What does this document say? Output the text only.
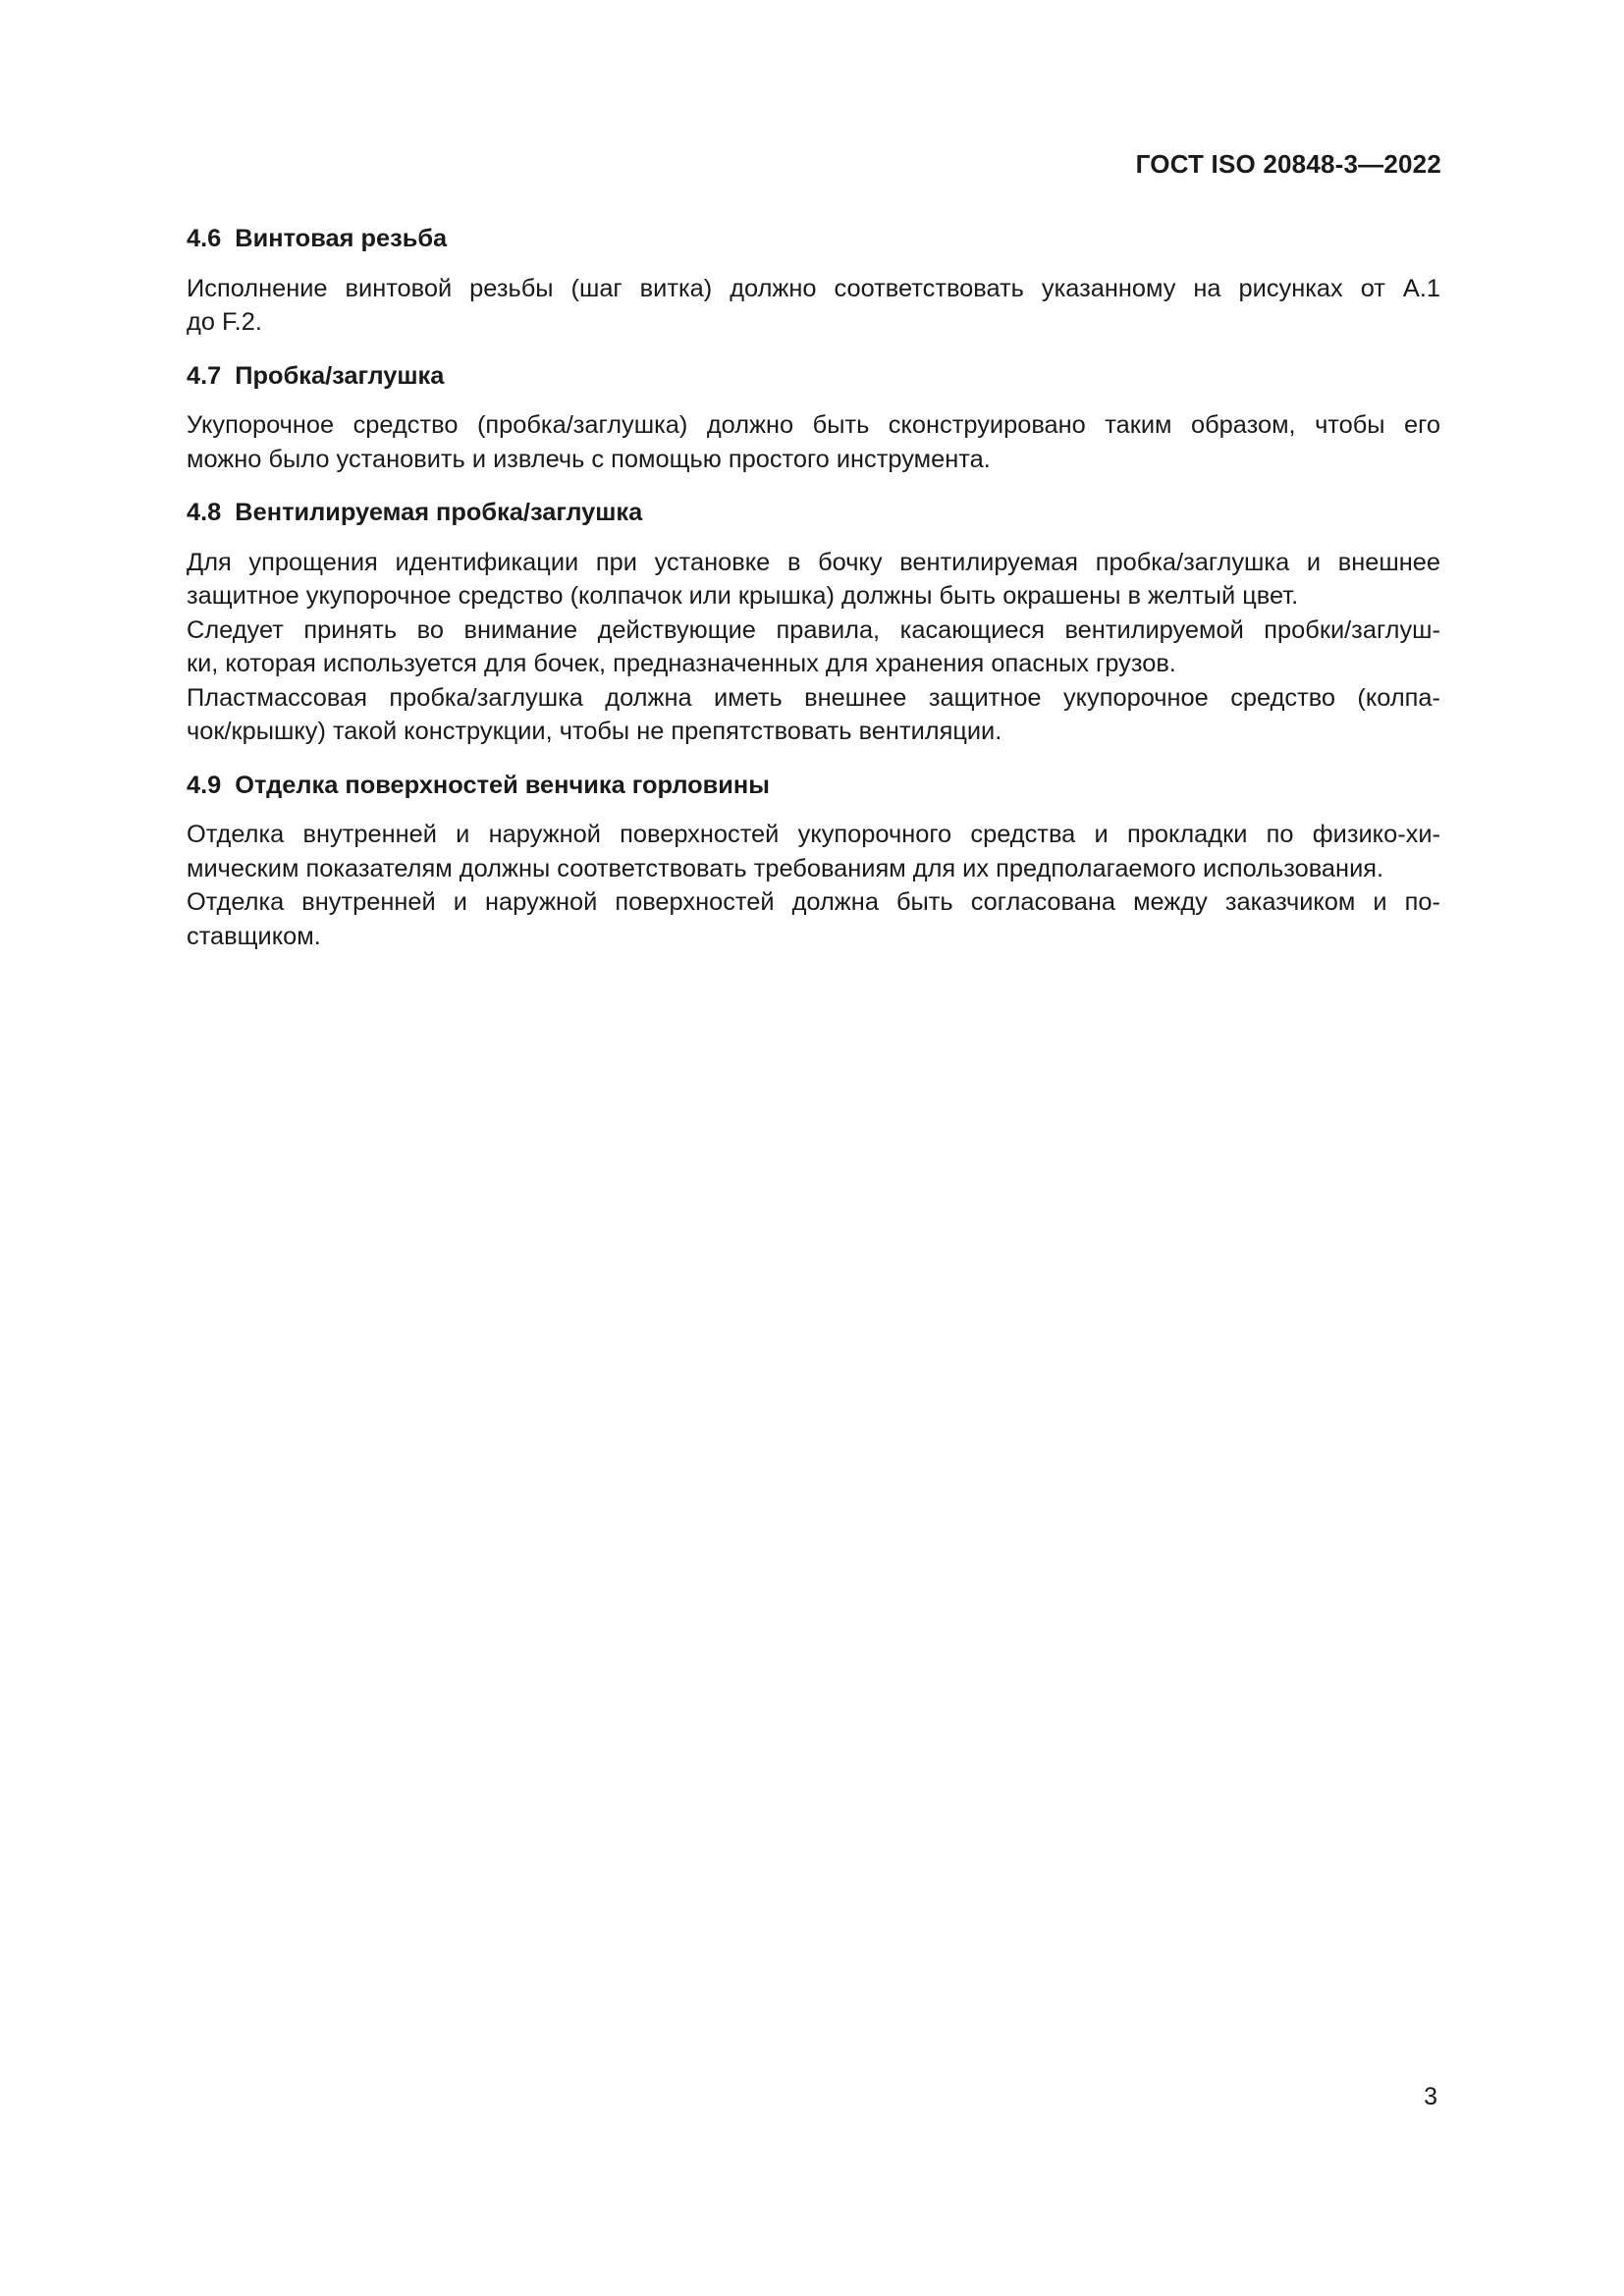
ГОСТ ISO 20848-3—2022
4.6 Винтовая резьба

Исполнение винтовой резьбы (шаг витка) должно соответствовать указанному на рисунках от А.1
до F.2.

4.7 Пробка/заглушка

Укупорочное средство (пробка/заглушка) должно быть сконструировано таким образом, чтобы его
можно было установить и извлечь с помощью простого инструмента.

4.8 Вентилируемая пробка/заглушка

Для упрощения идентификации при установке в бочку вентилируемая пробка/заглушка и внешнее
защитное укупорочное средство (колпачок или крышка) должны быть окрашены в желтый цвет.

Следует принять во внимание действующие правила, касающиеся вентилируемой пробки/заглуш-
ки, которая используется для бочек, предназначенных для хранения опасных грузов.

Пластмассовая пробка/заглушка должна иметь внешнее защитное укупорочное средство (колпа-
чок/крышку) такой конструкции, чтобы не препятствовать вентиляции.

4.9 Отделка поверхностей венчика горловины

Отделка внутренней и наружной поверхностей укупорочного средства и прокладки по физико-хи-
мическим показателям должны соответствовать требованиям для их предполагаемого использования.

Отделка внутренней и наружной поверхностей должна быть согласована между заказчиком и по-
ставщиком.

3
